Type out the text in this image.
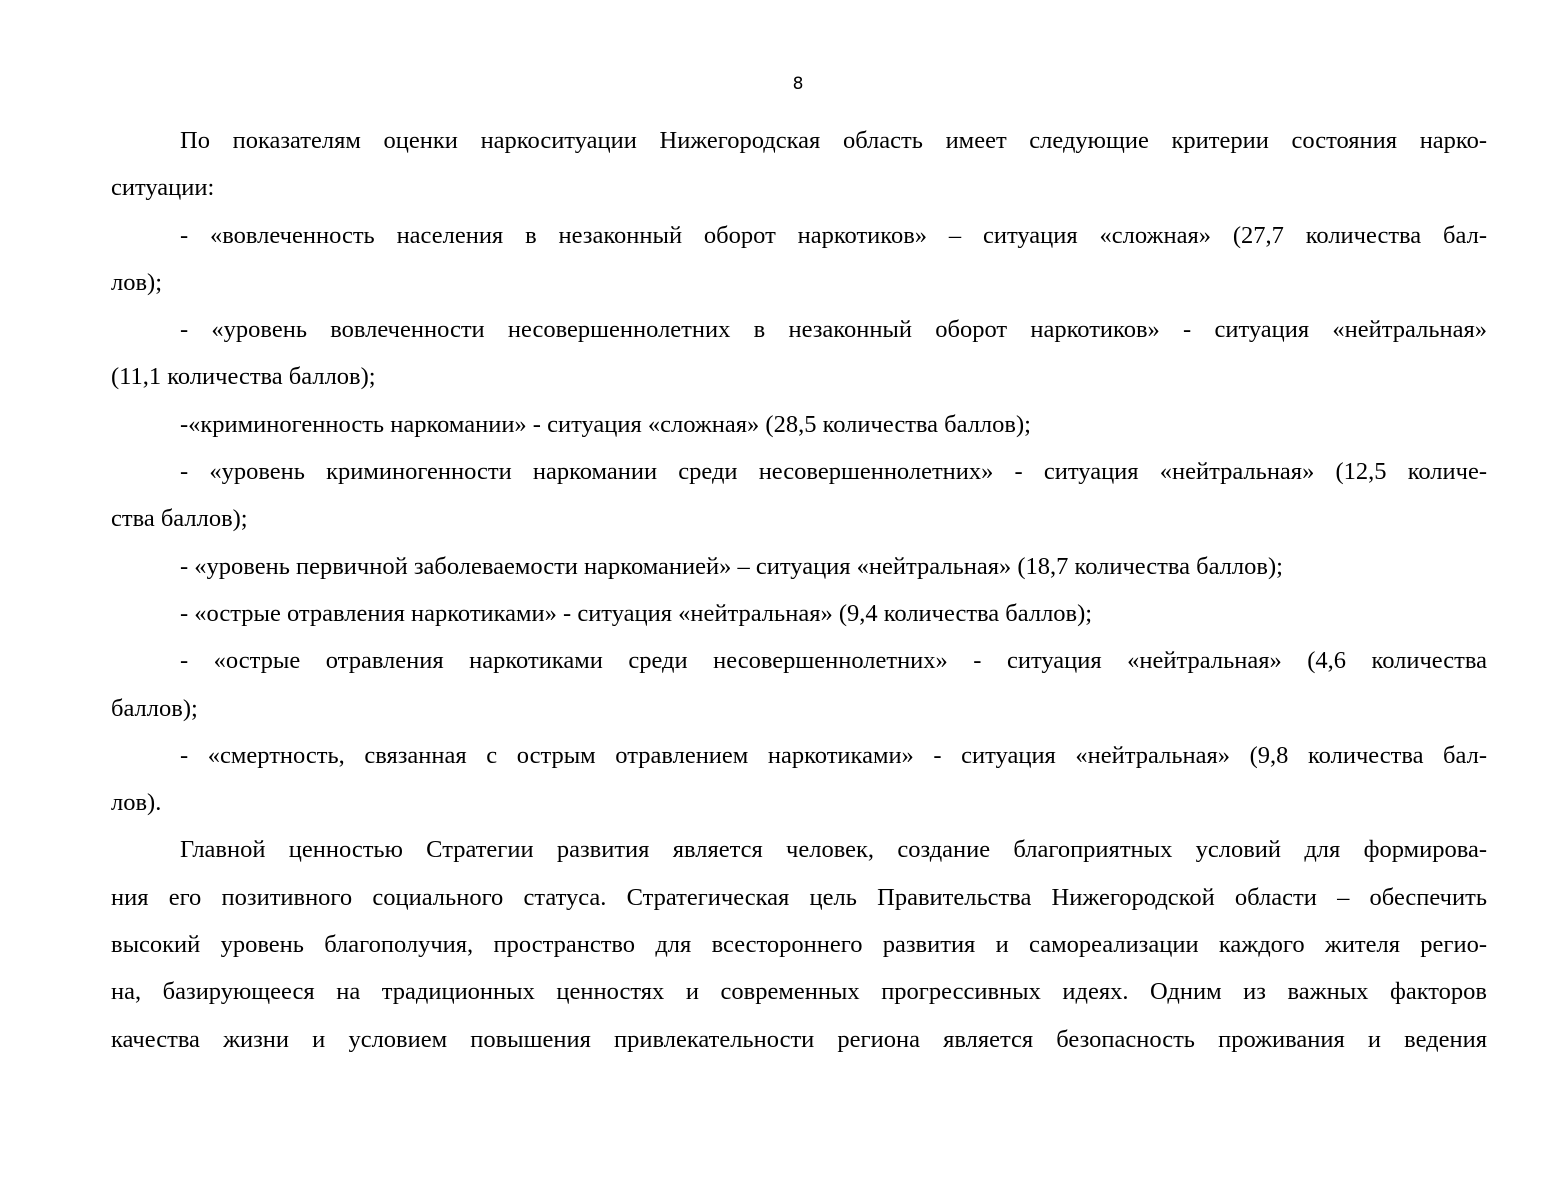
8
По показателям оценки наркоситуации Нижегородская область имеет следующие критерии состояния нарко-
ситуации:
- «вовлеченность населения в незаконный оборот наркотиков» – ситуация «сложная» (27,7 количества бал-
лов);
- «уровень вовлеченности несовершеннолетних в незаконный оборот наркотиков» - ситуация «нейтральная»
(11,1 количества баллов);
-«криминогенность наркомании» - ситуация «сложная» (28,5 количества баллов);
- «уровень криминогенности наркомании среди несовершеннолетних» - ситуация «нейтральная» (12,5 количе-
ства баллов);
- «уровень первичной заболеваемости наркоманией» – ситуация «нейтральная» (18,7 количества баллов);
- «острые отравления наркотиками» - ситуация «нейтральная» (9,4 количества баллов);
- «острые отравления наркотиками среди несовершеннолетних» - ситуация «нейтральная» (4,6 количества
баллов);
- «смертность, связанная с острым отравлением наркотиками» - ситуация «нейтральная» (9,8 количества бал-
лов).
Главной ценностью Стратегии развития является человек, создание благоприятных условий для формирова-
ния его позитивного социального статуса. Стратегическая цель Правительства Нижегородской области – обеспечить
высокий уровень благополучия, пространство для всестороннего развития и самореализации каждого жителя регио-
на, базирующееся на традиционных ценностях и современных прогрессивных идеях. Одним из важных факторов
качества жизни и условием повышения привлекательности региона является безопасность проживания и ведения
